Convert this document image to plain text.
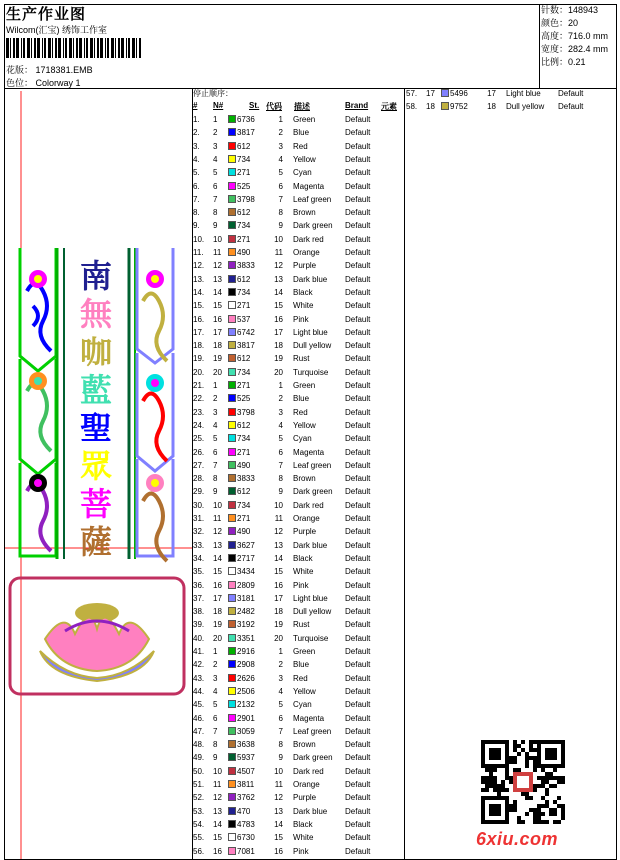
生产作业图
Wilcom(汇宝) 绣饰工作室
花版： 1718381.EMB
色位： Colorway 1
针数：148943
颜色：20
高度：716.0 mm
宽度：282.4 mm
比例：0.21
南
無
咖
藍
聖
眾
菩
薩
停止顺序：
# N#	St. 代码 描述	Brand 元素
1. 1 6736	1 Green	Default
2. 2 3817	2 Blue	Default
3. 3 612	3 Red	Default
4. 4 734	4 Yellow	Default
5. 5 271	5 Cyan	Default
6. 6 525	6 Magenta	Default
7. 7 3798	7 Leaf green Default
8. 8 612	8 Brown	Default
9. 9 734	9 Dark green Default
10. 10 271	10 Dark red	Default
11. 11 490	11 Orange	Default
12. 12 3833	12 Purple	Default
13. 13 612	13 Dark blue Default
14. 14 734	14 Black	Default
15. 15 271	15 White	Default
16. 16 537	16 Pink	Default
17. 17 6742	17 Light blue Default
18. 18 3817	18 Dull yellow Default
19. 19 612	19 Rust	Default
20. 20 734	20 Turquoise Default
21. 1 271	1 Green	Default
22. 2 525	2 Blue	Default
23. 3 3798	3 Red	Default
24. 4 612	4 Yellow	Default
25. 5 734	5 Cyan	Default
26. 6 271	6 Magenta	Default
27. 7 490	7 Leaf green Default
28. 8 3833	8 Brown	Default
29. 9 612	9 Dark green Default
30. 10 734	10 Dark red	Default
31. 11 271	11 Orange	Default
32. 12 490	12 Purple	Default
33. 13 3627	13 Dark blue Default
34. 14 2717	14 Black	Default
35. 15 3434	15 White	Default
36. 16 2809	16 Pink	Default
37. 17 3181	17 Light blue Default
38. 18 2482	18 Dull yellow Default
39. 19 3192	19 Rust	Default
40. 20 3351	20 Turquoise Default
41. 1 2916	1 Green	Default
42. 2 2908	2 Blue	Default
43. 3 2626	3 Red	Default
44. 4 2506	4 Yellow	Default
45. 5 2132	5 Cyan	Default
46. 6 2901	6 Magenta	Default
47. 7 3059	7 Leaf green Default
48. 8 3638	8 Brown	Default
49. 9 5937	9 Dark green Default
50. 10 4507	10 Dark red	Default
51. 11 3811	11 Orange	Default
52. 12 3762	12 Purple	Default
53. 13 470	13 Dark blue Default
54. 14 4783	14 Black	Default
55. 15 6730	15 White	Default
56. 16 7081	16 Pink	Default
57. 17 5496	17 Light blue Default
58. 18 9752	18 Dull yellow Default
6xiu.com
